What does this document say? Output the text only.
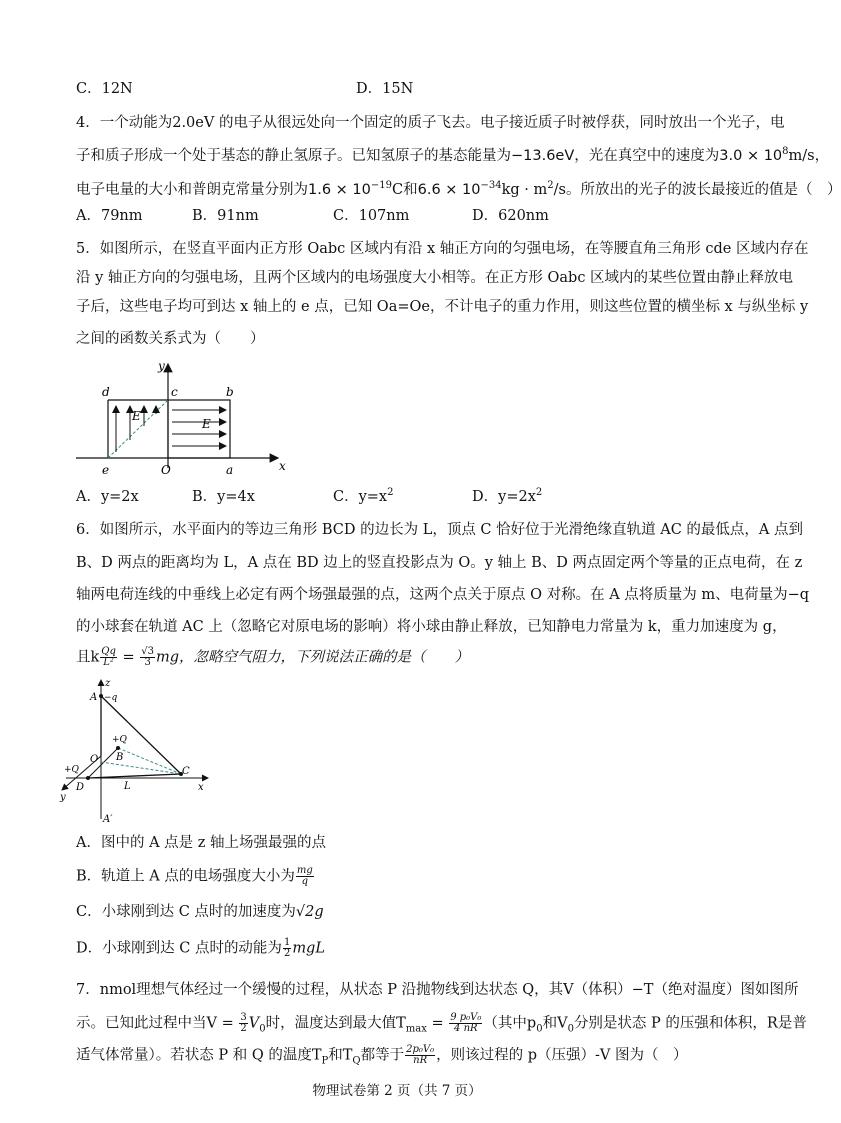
C．12N	D．15N
4．一个动能为2.0eV 的电子从很远处向一个固定的质子飞去。电子接近质子时被俘获，同时放出一个光子，电
子和质子形成一个处于基态的静止氢原子。已知氢原子的基态能量为−13.6eV，光在真空中的速度为$3.0 \times 10^8m/s$，
电子电量的大小和普朗克常量分别为$1.6 \times 10^{-19}C$和$6.6 \times 10^{-34}kg \cdot m^2/s$。所放出的光子的波长最接近的值是（　）
A．79nm	B．91nm	C．107nm	D．620nm
5．如图所示，在竖直平面内正方形 Oabc 区域内有沿 x 轴正方向的匀强电场，在等腰直角三角形 cde 区域内存在
沿 y 轴正方向的匀强电场，且两个区域内的电场强度大小相等。在正方形 Oabc 区域内的某些位置由静止释放电
子后，这些电子均可到达 x 轴上的 e 点，已知 Oa=Oe，不计电子的重力作用，则这些位置的横坐标 x 与纵坐标 y
之间的函数关系式为（　　）
y
x
d	c	b
e	O	a
E
E
A．y=2x	B．y=4x	C．$y=x^2$	D．$y=2x^2$
6．如图所示，水平面内的等边三角形 BCD 的边长为 L，顶点 C 恰好位于光滑绝缘直轨道 AC 的最低点，A 点到
B、D 两点的距离均为 L，A 点在 BD 边上的竖直投影点为 O。y 轴上 B、D 两点固定两个等量的正点电荷，在 z
轴两电荷连线的中垂线上必定有两个场强最强的点，这两个点关于原点 O 对称。在 A 点将质量为 m、电荷量为−q
的小球套在轨道 AC 上（忽略它对原电场的影响）将小球由静止释放，已知静电力常量为 k，重力加速度为 g，
且k $\frac{Qq}{\text{L²}} = \frac{√3}{3}$ mg，忽略空气阻力，下列说法正确的是（　　）
z
A −q
+Q
B
O
+Q
D
y
L
C
x
A′
A．图中的 A 点是 z 轴上场强最强的点
B．轨道上 A 点的电场强度大小为 $\frac{mg}{q}$
C．小球刚到达 C 点时的加速度为√2g
D．小球刚到达 C 点时的动能为 $\frac{1}{2}$ mgL
7．nmol理想气体经过一个缓慢的过程，从状态 P 沿抛物线到达状态 Q，其V（体积）−T（绝对温度）图如图所
示。已知此过程中当$V = \frac{3}{2} V_0$时，温度达到最大值$T_{max} = \frac{\text{9 p₀V₀}}{4 nR}$ （其中$p_0$和$V_0$分别是状态 P 的压强和体积，R是普
适气体常量）。若状态 P 和 Q 的温度$T_P$和$T_Q$都等于 $\frac{\text{2p₀V₀}}{nR}$ ，则该过程的 p（压强）-V 图为（　）
物理试卷第 2 页（共 7 页）
